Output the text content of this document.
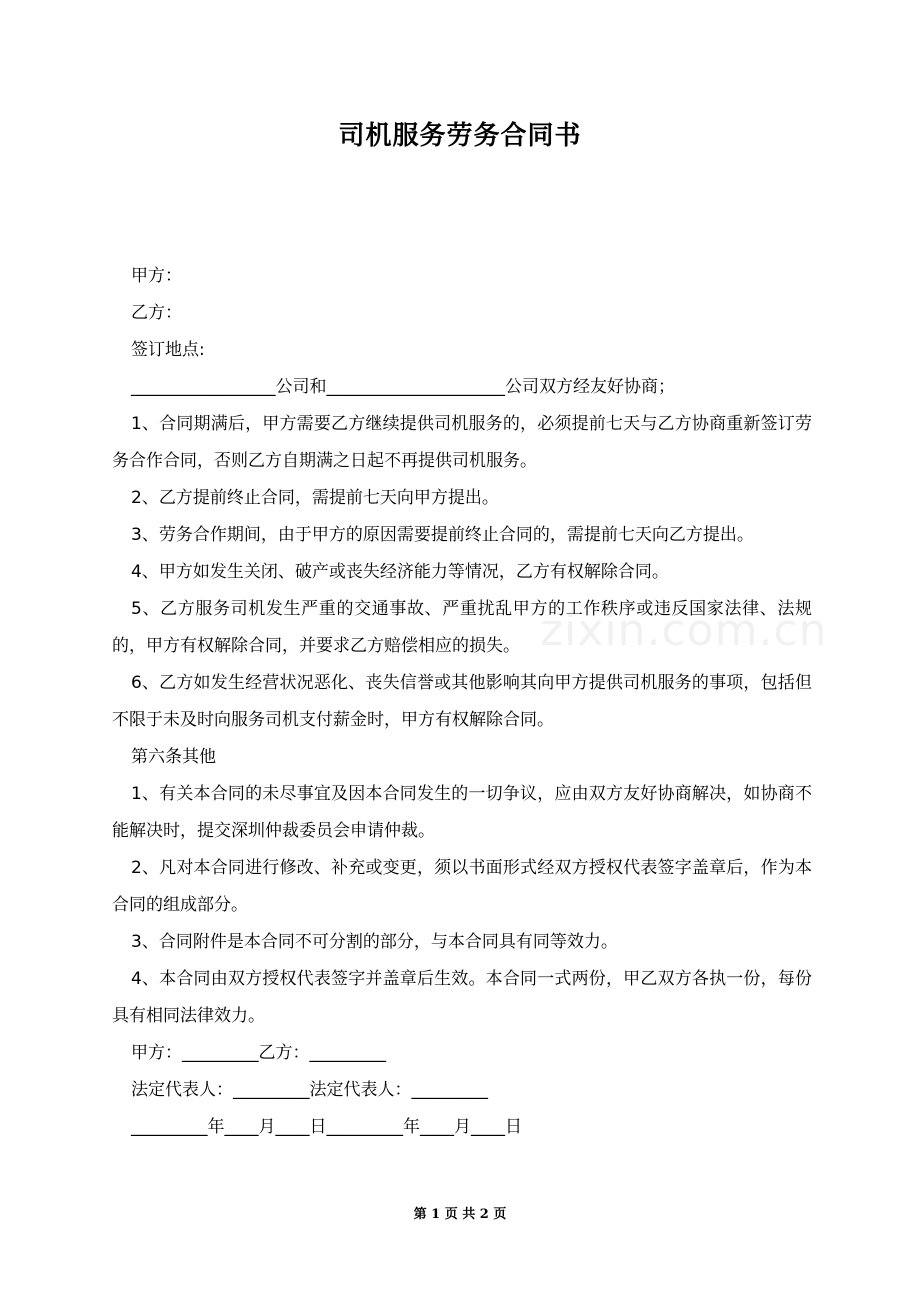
司机服务劳务合同书
甲方：
乙方：
签订地点:
_________________公司和_____________________公司双方经友好协商；
1、合同期满后，甲方需要乙方继续提供司机服务的，必须提前七天与乙方协商重新签订劳务合作合同，否则乙方自期满之日起不再提供司机服务。
2、乙方提前终止合同，需提前七天向甲方提出。
3、劳务合作期间，由于甲方的原因需要提前终止合同的，需提前七天向乙方提出。
4、甲方如发生关闭、破产或丧失经济能力等情况，乙方有权解除合同。
5、乙方服务司机发生严重的交通事故、严重扰乱甲方的工作秩序或违反国家法律、法规的，甲方有权解除合同，并要求乙方赔偿相应的损失。
6、乙方如发生经营状况恶化、丧失信誉或其他影响其向甲方提供司机服务的事项，包括但不限于未及时向服务司机支付薪金时，甲方有权解除合同。
第六条其他
1、有关本合同的未尽事宜及因本合同发生的一切争议，应由双方友好协商解决，如协商不能解决时，提交深圳仲裁委员会申请仲裁。
2、凡对本合同进行修改、补充或变更，须以书面形式经双方授权代表签字盖章后，作为本合同的组成部分。
3、合同附件是本合同不可分割的部分，与本合同具有同等效力。
4、本合同由双方授权代表签字并盖章后生效。本合同一式两份，甲乙双方各执一份，每份具有相同法律效力。
甲方：_________乙方：_________
法定代表人：_________法定代表人：_________
_________年____月____日_________年____月____日
zixin.com.cn
第 1 页 共 2 页
